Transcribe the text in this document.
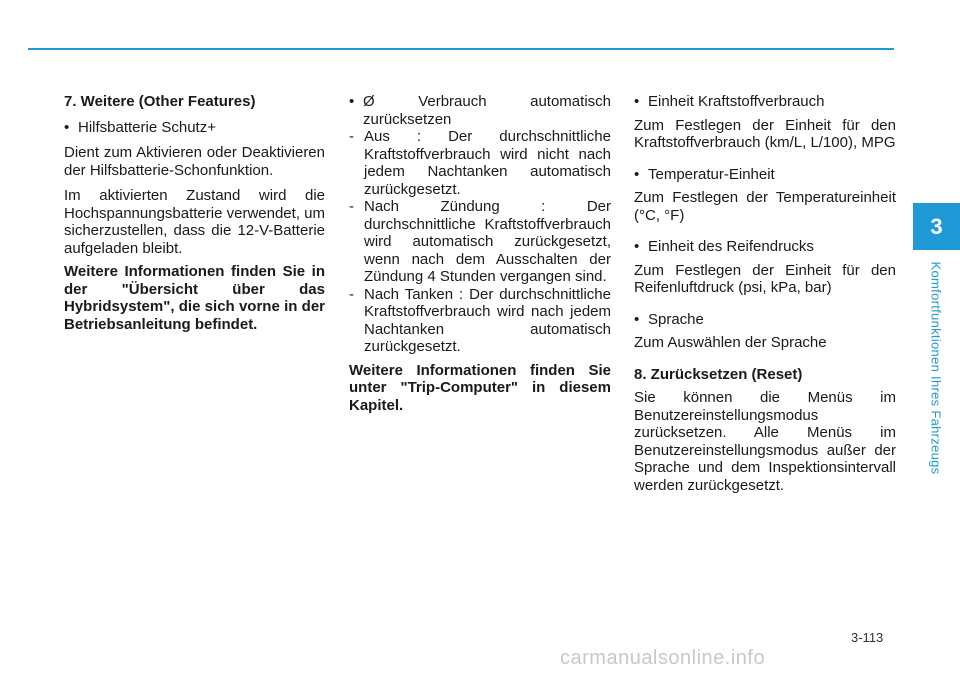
7. Weitere (Other Features)

• Hilfsbatterie Schutz+

Dient zum Aktivieren oder Deaktivieren der Hilfsbatterie-Schonfunktion.

Im aktivierten Zustand wird die Hochspannungsbatterie verwendet, um sicherzustellen, dass die 12-V-Batterie aufgeladen bleibt.

Weitere Informationen finden Sie in der "Übersicht über das Hybridsystem", die sich vorne in der Betriebsanleitung befindet.

• Ø Verbrauch automatisch zurücksetzen
- Aus : Der durchschnittliche Kraftstoffverbrauch wird nicht nach jedem Nachtanken automatisch zurückgesetzt.
- Nach Zündung : Der durchschnittliche Kraftstoffverbrauch wird automatisch zurückgesetzt, wenn nach dem Ausschalten der Zündung 4 Stunden vergangen sind.
- Nach Tanken : Der durchschnittliche Kraftstoffverbrauch wird nach jedem Nachtanken automatisch zurückgesetzt.

Weitere Informationen finden Sie unter "Trip-Computer" in diesem Kapitel.

• Einheit Kraftstoffverbrauch

Zum Festlegen der Einheit für den Kraftstoffverbrauch (km/L, L/100), MPG

• Temperatur-Einheit

Zum Festlegen der Temperatureinheit (°C, °F)

• Einheit des Reifendrucks

Zum Festlegen der Einheit für den Reifenluftdruck (psi, kPa, bar)

• Sprache

Zum Auswählen der Sprache

8. Zurücksetzen (Reset)

Sie können die Menüs im Benutzereinstellungsmodus zurücksetzen. Alle Menüs im Benutzereinstellungsmodus außer der Sprache und dem Inspektionsintervall werden zurückgesetzt.

3
Komfortfunktionen Ihres Fahrzeugs
3-113
carmanualsonline.info
